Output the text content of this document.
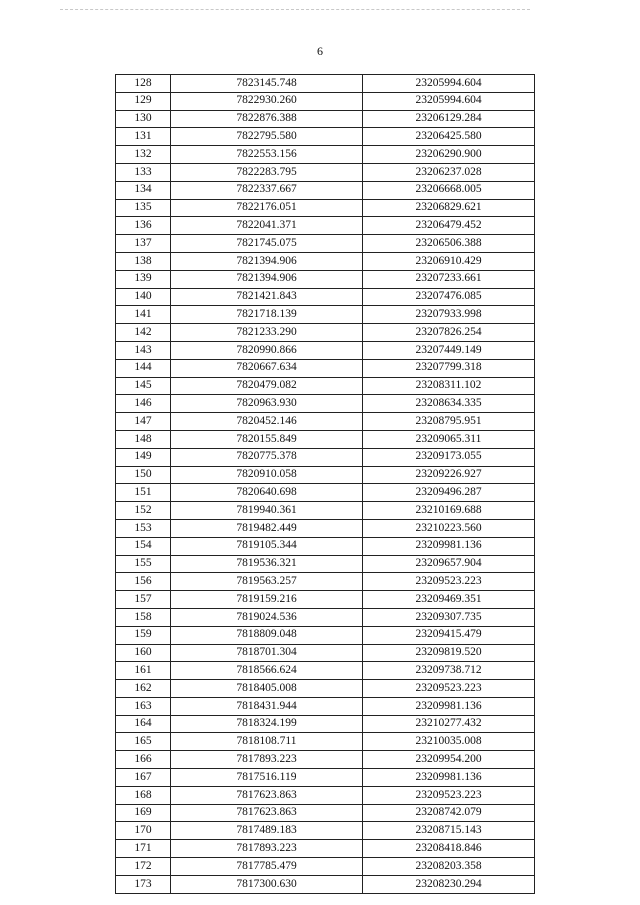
6
128	7823145.748	23205994.604
129	7822930.260	23205994.604
130	7822876.388	23206129.284
131	7822795.580	23206425.580
132	7822553.156	23206290.900
133	7822283.795	23206237.028
134	7822337.667	23206668.005
135	7822176.051	23206829.621
136	7822041.371	23206479.452
137	7821745.075	23206506.388
138	7821394.906	23206910.429
139	7821394.906	23207233.661
140	7821421.843	23207476.085
141	7821718.139	23207933.998
142	7821233.290	23207826.254
143	7820990.866	23207449.149
144	7820667.634	23207799.318
145	7820479.082	23208311.102
146	7820963.930	23208634.335
147	7820452.146	23208795.951
148	7820155.849	23209065.311
149	7820775.378	23209173.055
150	7820910.058	23209226.927
151	7820640.698	23209496.287
152	7819940.361	23210169.688
153	7819482.449	23210223.560
154	7819105.344	23209981.136
155	7819536.321	23209657.904
156	7819563.257	23209523.223
157	7819159.216	23209469.351
158	7819024.536	23209307.735
159	7818809.048	23209415.479
160	7818701.304	23209819.520
161	7818566.624	23209738.712
162	7818405.008	23209523.223
163	7818431.944	23209981.136
164	7818324.199	23210277.432
165	7818108.711	23210035.008
166	7817893.223	23209954.200
167	7817516.119	23209981.136
168	7817623.863	23209523.223
169	7817623.863	23208742.079
170	7817489.183	23208715.143
171	7817893.223	23208418.846
172	7817785.479	23208203.358
173	7817300.630	23208230.294
